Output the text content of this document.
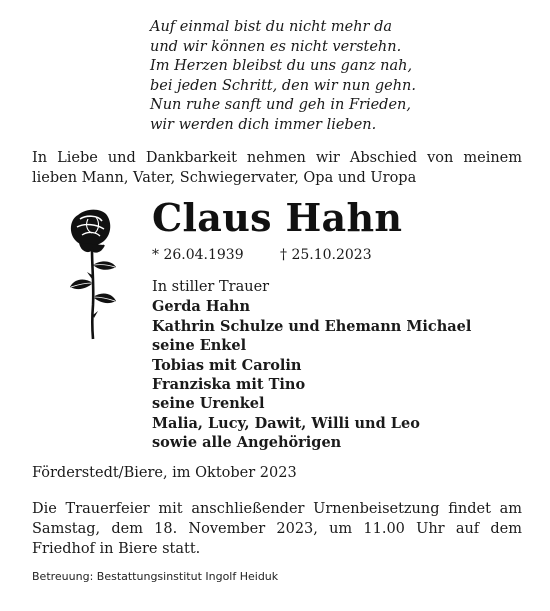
Auf einmal bist du nicht mehr da
und wir können es nicht verstehn.
Im Herzen bleibst du uns ganz nah,
bei jeden Schritt, den wir nun gehn.
Nun ruhe sanft und geh in Frieden,
wir werden dich immer lieben.
In Liebe und Dankbarkeit nehmen wir Abschied von meinem lieben Mann, Vater, Schwiegervater, Opa und Uropa
Claus Hahn
* 26.04.1939	† 25.10.2023
In stiller Trauer
Gerda Hahn
Kathrin Schulze und Ehemann Michael
seine Enkel
Tobias mit Carolin
Franziska mit Tino
seine Urenkel
Malia, Lucy, Dawit, Willi und Leo
sowie alle Angehörigen
Förderstedt/Biere, im Oktober 2023
Die Trauerfeier mit anschließender Urnenbeisetzung findet am Samstag, dem 18. November 2023, um 11.00 Uhr auf dem Friedhof in Biere statt.
Betreuung: Bestattungsinstitut Ingolf Heiduk
